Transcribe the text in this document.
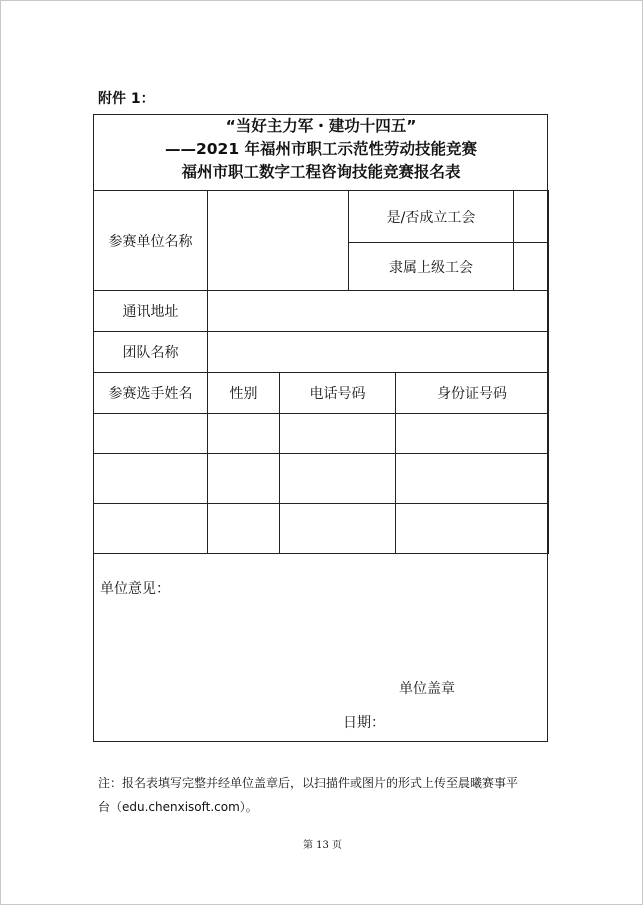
附件 1：
“当好主力军・建功十四五”
——2021 年福州市职工示范性劳动技能竞赛
福州市职工数字工程咨询技能竞赛报名表
参赛单位名称			是/否成立工会		
			隶属上级工会		
通讯地址					
团队名称					
参赛选手姓名	性别	电话号码		身份证号码	

单位意见：
单位盖章
日期：
注：报名表填写完整并经单位盖章后，以扫描件或图片的形式上传至晨曦赛事平
台（edu.chenxisoft.com）。
第 13 页
